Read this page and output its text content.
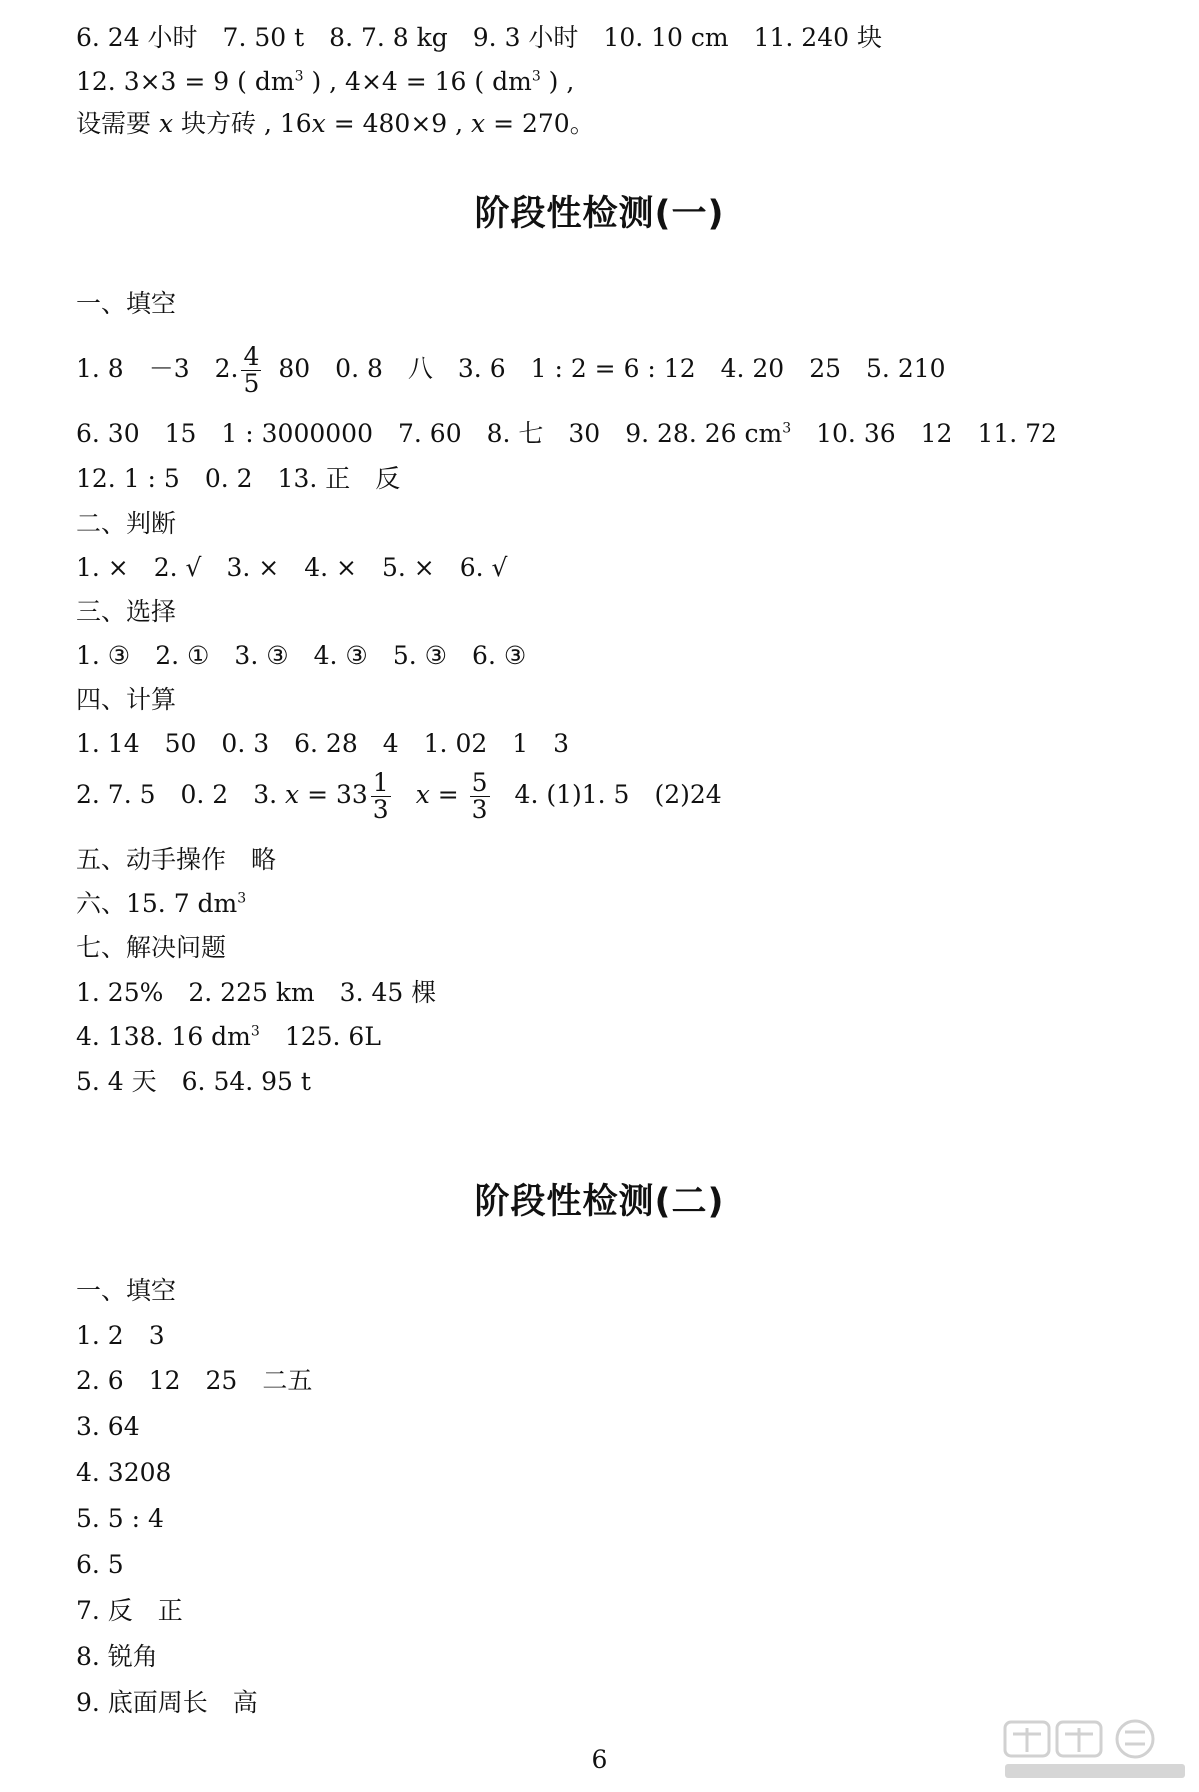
6. 24 小时　7. 50 t　8. 7. 8 kg　9. 3 小时　10. 10 cm　11. 240 块
12. 3×3 = 9 ( $dm^3$ ) , 4×4 = 16 ( $dm^3$ ) ,
设需要 x 块方砖 , 16x = 480×9 , x = 270。
阶段性检测(一)
一、填空
1. 8　－3　2. $\frac{4}{5} 80$　0. 8　八　3. 6　1 : 2 = 6 : 12　4. 20　25　5. 210
6. 30　15　1 : 3000000　7. 60　8. 七　30　9. 28. 26 $cm^3$　10. 36　12　11. 72
12. 1 : 5　0. 2　13. 正　反
二、判断
1. ×　2. √　3. ×　4. ×　5. ×　6. √
三、选择
1. ③　2. ①　3. ③　4. ③　5. ③　6. ③
四、计算
1. 14　50　0. 3　6. 28　4　1. 02　1　3
2. 7. 5　0. 2　3. $x = 33 \frac{1}{3}$ $x = \frac{5}{3} 4$. (1)1. 5　(2)24
五、动手操作　略
六、15. 7 $dm^3$
七、解决问题
1. 25%　2. 225 km　3. 45 棵
4. 138. 16 $dm^3$　125. 6L
5. 4 天　6. 54. 95 t
阶段性检测(二)
一、填空
1. 2　3
2. 6　12　25　二五
3. 64
4. 3208
5. 5 : 4
6. 5
7. 反　正
8. 锐角
9. 底面周长　高
6
